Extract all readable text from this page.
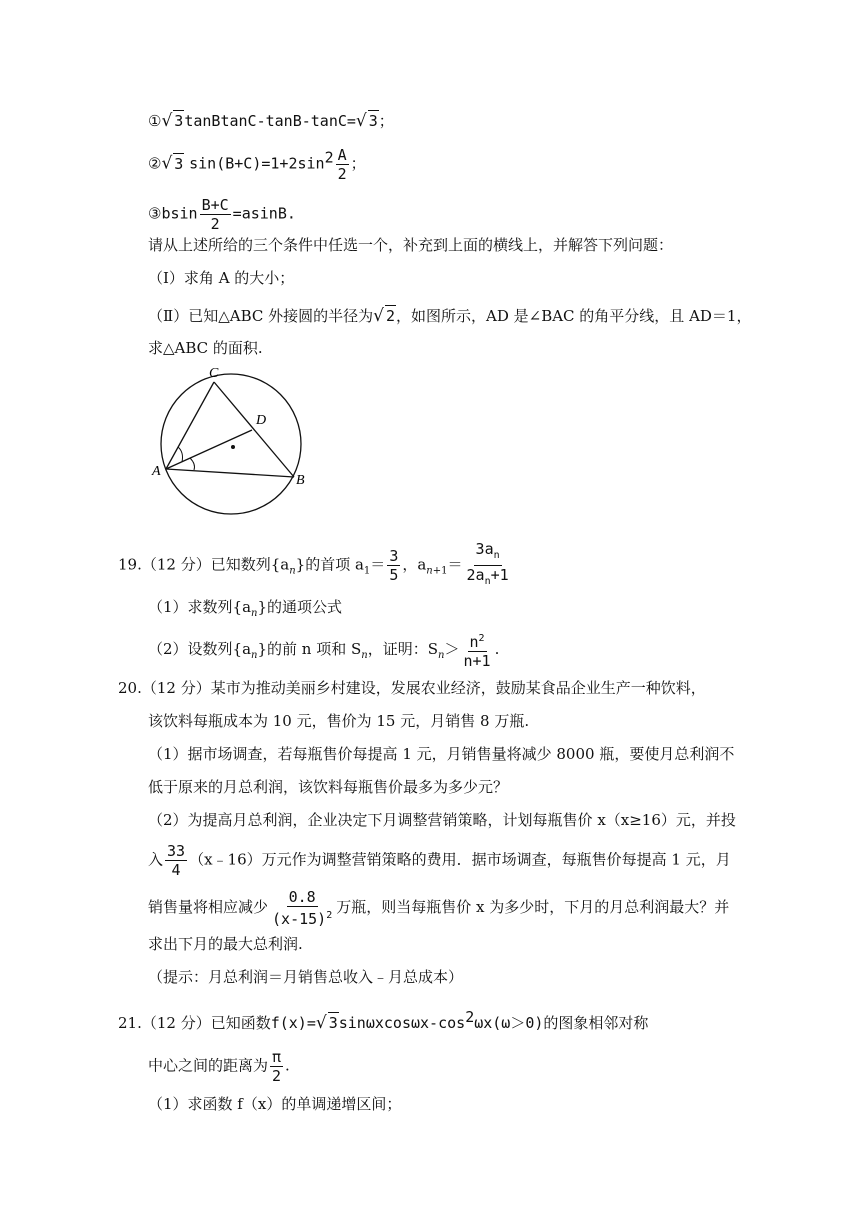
①√ 3tanBtanC-tanB-tanC=√ 3；
②√ 3 $\sin(B+C)=1+2\sin^2 \frac{A}{2}$ ；
③bsin $\frac{B+C}{2} =asinB$.
请从上述所给的三个条件中任选一个，补充到上面的横线上，并解答下列问题：
（Ⅰ）求角 A 的大小；
（Ⅱ）已知△ABC 外接圆的半径为√ 2，如图所示，AD 是∠BAC 的角平分线，且 AD＝1，
求△ABC 的面积.
A
B
C
D
19.（12 分）已知数列$\{a_n\}$的首项 $a_1= \frac{3}{5}$ ，$a_{n+1}= \frac{3a_n}{2a_n+1}$
（1）求数列$\{a_n\}$的通项公式
（2）设数列$\{a_n\}$的前 n 项和 $S_n$，证明：$S_n> \frac{n^2}{n+1}$ .
20.（12 分）某市为推动美丽乡村建设，发展农业经济，鼓励某食品企业生产一种饮料，
该饮料每瓶成本为 10 元，售价为 15 元，月销售 8 万瓶.
（1）据市场调查，若每瓶售价每提高 1 元，月销售量将减少 8000 瓶，要使月总利润不
低于原来的月总利润，该饮料每瓶售价最多为多少元？
（2）为提高月总利润，企业决定下月调整营销策略，计划每瓶售价 x（x≥16）元，并投
入 $\frac{33}{4}$ （x﹣16）万元作为调整营销策略的费用．据市场调查，每瓶售价每提高 1 元，月
销售量将相应减少 $\frac{0.8}{(x-15)^2}$ 万瓶，则当每瓶售价 x 为多少时，下月的月总利润最大？并
求出下月的最大总利润.
（提示：月总利润＝月销售总收入﹣月总成本）
21.（12 分）已知函数f(x)=√ $3\sin\omega xcos\omega x-\cos^2\omega x(\omega>0)$的图象相邻对称
中心之间的距离为 $\frac{\pi}{2}$ .
（1）求函数 f（x）的单调递增区间；
